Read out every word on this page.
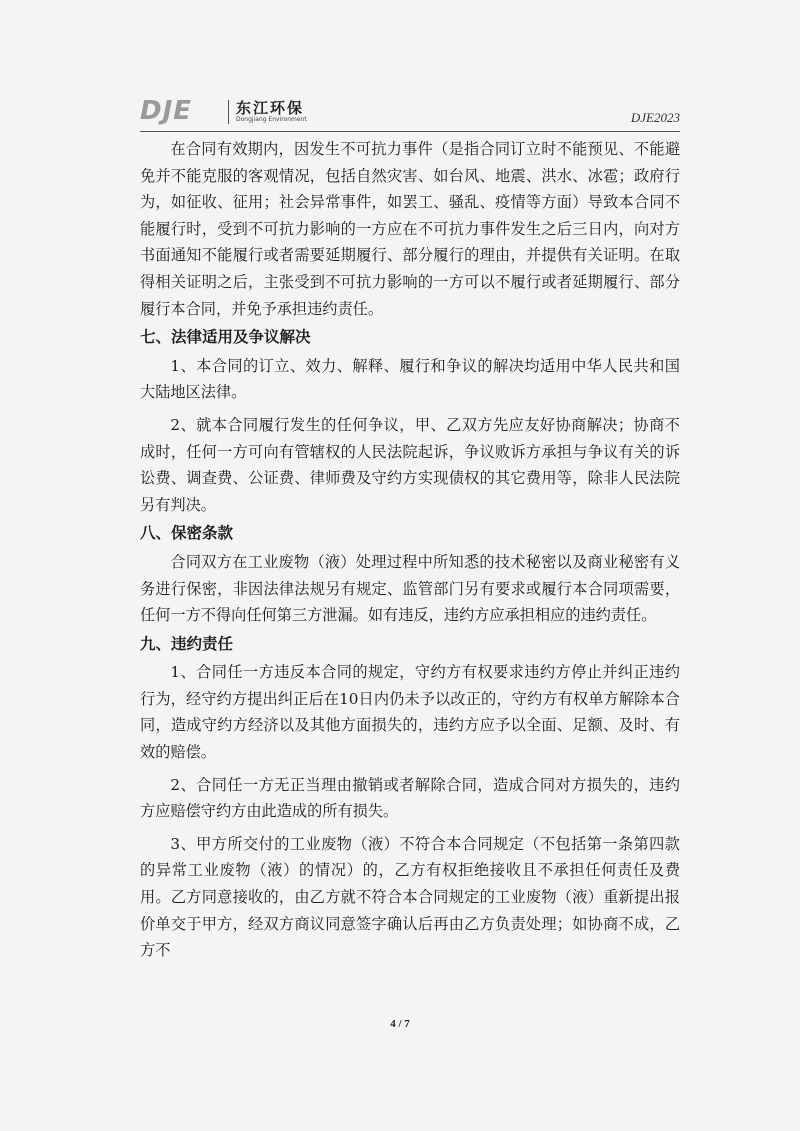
DJE	东江环保
Dongjiang Environment	DJE2023

在合同有效期内，因发生不可抗力事件（是指合同订立时不能预见、不能避免并不能克服的客观情况，包括自然灾害、如台风、地震、洪水、冰雹；政府行为，如征收、征用；社会异常事件，如罢工、骚乱、疫情等方面）导致本合同不能履行时，受到不可抗力影响的一方应在不可抗力事件发生之后三日内，向对方书面通知不能履行或者需要延期履行、部分履行的理由，并提供有关证明。在取得相关证明之后，主张受到不可抗力影响的一方可以不履行或者延期履行、部分履行本合同，并免予承担违约责任。

七、法律适用及争议解决

1、本合同的订立、效力、解释、履行和争议的解决均适用中华人民共和国大陆地区法律。

2、就本合同履行发生的任何争议，甲、乙双方先应友好协商解决；协商不成时，任何一方可向有管辖权的人民法院起诉，争议败诉方承担与争议有关的诉讼费、调查费、公证费、律师费及守约方实现债权的其它费用等，除非人民法院另有判决。

八、保密条款

合同双方在工业废物（液）处理过程中所知悉的技术秘密以及商业秘密有义务进行保密，非因法律法规另有规定、监管部门另有要求或履行本合同项需要，任何一方不得向任何第三方泄漏。如有违反，违约方应承担相应的违约责任。

九、违约责任

1、合同任一方违反本合同的规定，守约方有权要求违约方停止并纠正违约行为，经守约方提出纠正后在10日内仍未予以改正的，守约方有权单方解除本合同，造成守约方经济以及其他方面损失的，违约方应予以全面、足额、及时、有效的赔偿。

2、合同任一方无正当理由撤销或者解除合同，造成合同对方损失的，违约方应赔偿守约方由此造成的所有损失。

3、甲方所交付的工业废物（液）不符合本合同规定（不包括第一条第四款的异常工业废物（液）的情况）的，乙方有权拒绝接收且不承担任何责任及费用。乙方同意接收的，由乙方就不符合本合同规定的工业废物（液）重新提出报价单交于甲方，经双方商议同意签字确认后再由乙方负责处理；如协商不成，乙方不

4 / 7
